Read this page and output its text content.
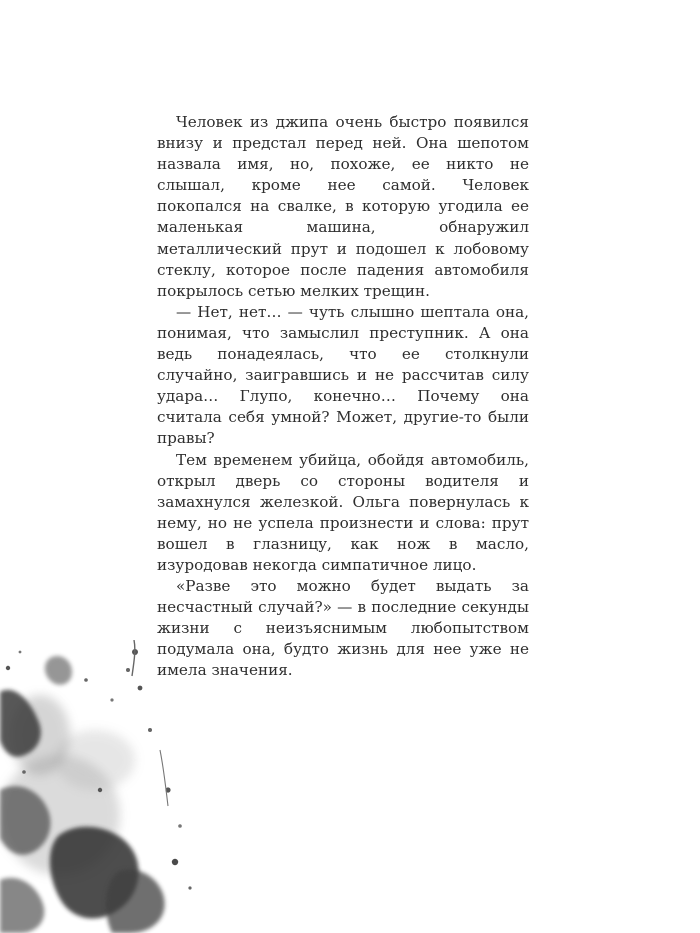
Человек из джипа очень быстро появился внизу и предстал перед ней. Она шепотом назвала имя, но, похоже, ее никто не слышал, кроме нее самой. Человек покопался на свалке, в которую угодила ее маленькая машина, обнаружил металлический прут и подошел к лобовому стеклу, которое после падения автомобиля покрылось сетью мелких трещин.

— Нет, нет… — чуть слышно шептала она, понимая, что замыслил преступник. А она ведь понадеялась, что ее столкнули случайно, заигравшись и не рассчитав силу удара… Глупо, конечно… Почему она считала себя умной? Может, другие-то были правы?

Тем временем убийца, обойдя автомобиль, открыл дверь со стороны водителя и замахнулся железкой. Ольга повернулась к нему, но не успела произнести и слова: прут вошел в глазницу, как нож в масло, изуродовав некогда симпатичное лицо.

«Разве это можно будет выдать за несчастный случай?» — в последние секунды жизни с неизъяснимым любопытством подумала она, будто жизнь для нее уже не имела значения.
